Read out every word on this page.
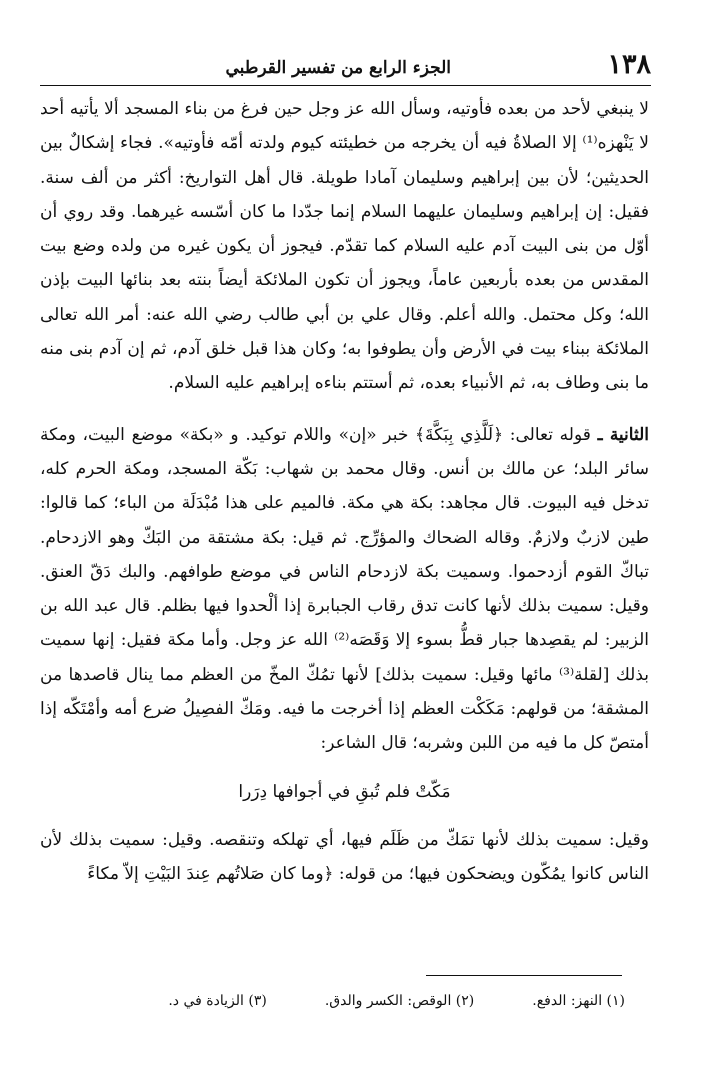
١٣٨
الجزء الرابع من تفسير القرطبي

لا ينبغي لأحد من بعده فأوتيه، وسأل الله عز وجل حين فرغ من بناء المسجد ألا يأتيه أحد لا يَنْهزه⁽¹⁾ إلا الصلاةُ فيه أن يخرجه من خطيئته كيوم ولدته أمّه فأوتيه». فجاء إشكالٌ بين الحديثين؛ لأن بين إبراهيم وسليمان آمادا طويلة. قال أهل التواريخ: أكثر من ألف سنة. فقيل: إن إبراهيم وسليمان عليهما السلام إنما جدّدا ما كان أسّسه غيرهما. وقد روي أن أوّل من بنى البيت آدم عليه السلام كما تقدّم. فيجوز أن يكون غيره من ولده وضع بيت المقدس من بعده بأربعين عاماً، ويجوز أن تكون الملائكة أيضاً بنته بعد بنائها البيت بإذن الله؛ وكل محتمل. والله أعلم. وقال علي بن أبي طالب رضي الله عنه: أمر الله تعالى الملائكة ببناء بيت في الأرض وأن يطوفوا به؛ وكان هذا قبل خلق آدم، ثم إن آدم بنى منه ما بنى وطاف به، ثم الأنبياء بعده، ثم أستتم بناءه إبراهيم عليه السلام.

الثانية ـ قوله تعالى: ﴿لَلَّذِي بِبَكَّةَ﴾ خبر «إن» واللام توكيد. و «بكة» موضع البيت، ومكة سائر البلد؛ عن مالك بن أنس. وقال محمد بن شهاب: بَكّة المسجد، ومكة الحرم كله، تدخل فيه البيوت. قال مجاهد: بكة هي مكة. فالميم على هذا مُبْدَلَة من الباء؛ كما قالوا: طين لازبٌ ولازمٌ. وقاله الضحاك والمؤرِّج. ثم قيل: بكة مشتقة من البَكّ وهو الازدحام. تباكّ القوم أزدحموا. وسميت بكة لازدحام الناس في موضع طوافهم. والبك دَقّ العنق. وقيل: سميت بذلك لأنها كانت تدق رقاب الجبابرة إذا ألْحدوا فيها بظلم. قال عبد الله بن الزبير: لم يقصِدها جبار قطُّ بسوء إلا وَقَصَه⁽²⁾ الله عز وجل. وأما مكة فقيل: إنها سميت بذلك [لقلة⁽³⁾ مائها وقيل: سميت بذلك] لأنها تمُكّ المخّ من العظم مما ينال قاصدها من المشقة؛ من قولهم: مَكَكْت العظم إذا أخرجت ما فيه. ومَكّ الفصِيلُ ضرع أمه وأمْتَكّه إذا أمتصّ كل ما فيه من اللبن وشربه؛ قال الشاعر:

مَكّتْ فلم تُبقِ في أجوافها دِرَرا

وقيل: سميت بذلك لأنها تمَكّ من ظَلَم فيها، أي تهلكه وتنقصه. وقيل: سميت بذلك لأن الناس كانوا يمُكّون ويضحكون فيها؛ من قوله: ﴿وما كان صَلاتُهم عِندَ البَيْتِ إلاّ مكاءً

(١) النهز: الدفع.
(٢) الوقص: الكسر والدق.
(٣) الزيادة في د.
